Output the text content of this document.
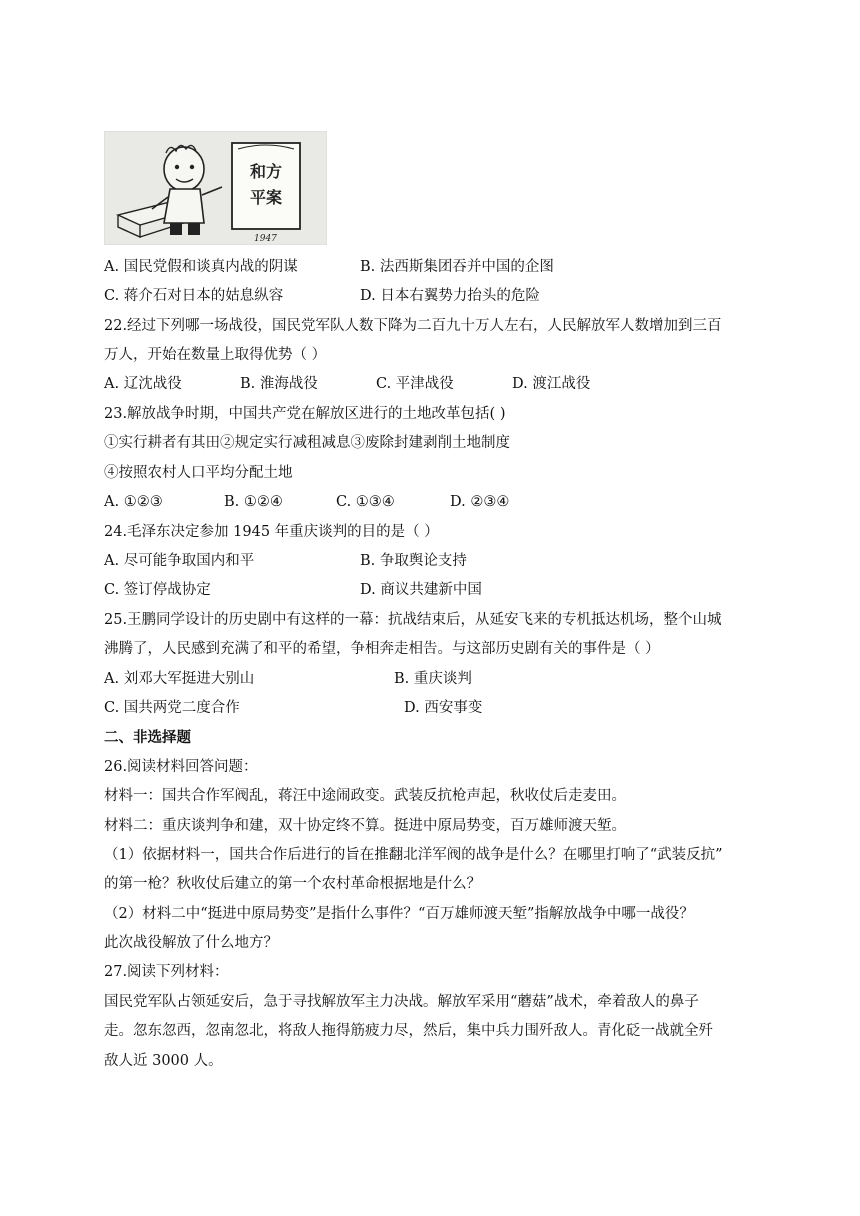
和方
平案
1947
A. 国民党假和谈真内战的阴谋	B. 法西斯集团吞并中国的企图
C. 蒋介石对日本的姑息纵容	D. 日本右翼势力抬头的危险
22.经过下列哪一场战役，国民党军队人数下降为二百九十万人左右，人民解放军人数增加到三百
万人，开始在数量上取得优势（ ）
A. 辽沈战役	B. 淮海战役	C. 平津战役	D. 渡江战役
23.解放战争时期，中国共产党在解放区进行的土地改革包括( )
①实行耕者有其田②规定实行减租减息③废除封建剥削土地制度
④按照农村人口平均分配土地
A. ①②③	B. ①②④	C. ①③④	D. ②③④
24.毛泽东决定参加 1945 年重庆谈判的目的是（ ）
A. 尽可能争取国内和平	B. 争取舆论支持
C. 签订停战协定	D. 商议共建新中国
25.王鹏同学设计的历史剧中有这样的一幕：抗战结束后，从延安飞来的专机抵达机场，整个山城
沸腾了，人民感到充满了和平的希望，争相奔走相告。与这部历史剧有关的事件是（ ）
A. 刘邓大军挺进大别山	B. 重庆谈判
C. 国共两党二度合作	D. 西安事变
二、非选择题
26.阅读材料回答问题：
材料一：国共合作军阀乱，蒋汪中途闹政变。武装反抗枪声起，秋收仗后走麦田。
材料二：重庆谈判争和建，双十协定终不算。挺进中原局势变，百万雄师渡天堑。
（1）依据材料一，国共合作后进行的旨在推翻北洋军阀的战争是什么？在哪里打响了“武装反抗”
的第一枪？秋收仗后建立的第一个农村革命根据地是什么？
（2）材料二中“挺进中原局势变”是指什么事件？“百万雄师渡天堑”指解放战争中哪一战役？
此次战役解放了什么地方？
27.阅读下列材料：
国民党军队占领延安后，急于寻找解放军主力决战。解放军采用“蘑菇”战术，牵着敌人的鼻子
走。忽东忽西，忽南忽北，将敌人拖得筋疲力尽，然后，集中兵力围歼敌人。青化砭一战就全歼
敌人近 3000 人。
